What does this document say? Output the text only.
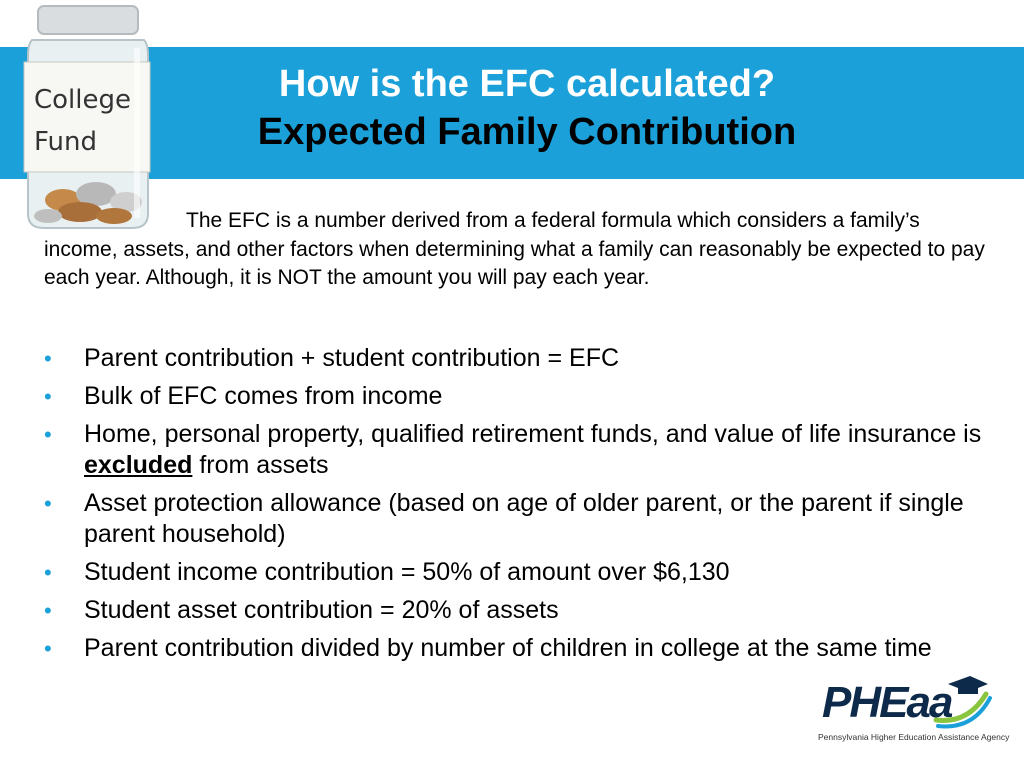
How is the EFC calculated?
Expected Family Contribution
College
Fund

The EFC is a number derived from a federal formula which considers a family’s income, assets, and other factors when determining what a family can reasonably be expected to pay each year. Although, it is NOT the amount you will pay each year.

• Parent contribution + student contribution = EFC
• Bulk of EFC comes from income
• Home, personal property, qualified retirement funds, and value of life insurance is excluded from assets
• Asset protection allowance (based on age of older parent, or the parent if single parent household)
• Student income contribution = 50% of amount over $6,130
• Student asset contribution = 20% of assets
• Parent contribution divided by number of children in college at the same time
PHEaa
Pennsylvania Higher Education Assistance Agency
